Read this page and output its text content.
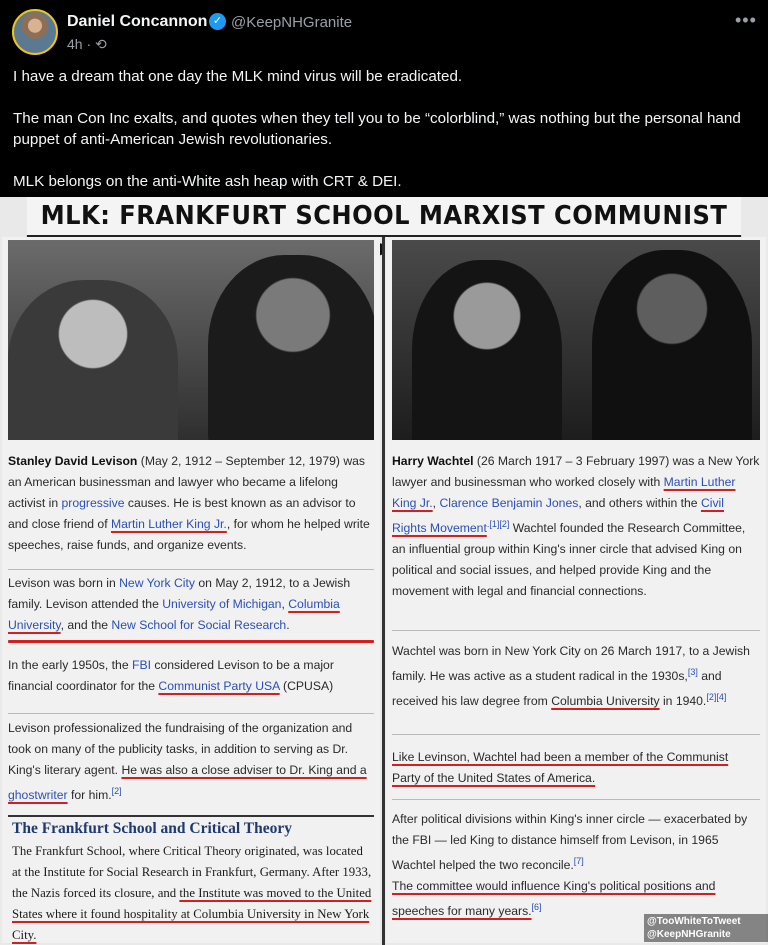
Daniel Concannon ✓ @KeepNHGranite
4h · ⟲
•••

I have a dream that one day the MLK mind virus will be eradicated.

The man Con Inc exalts, and quotes when they tell you to be “colorblind,” was nothing but the personal hand puppet of anti-American Jewish revolutionaries.

MLK belongs on the anti-White ash heap with CRT & DEI.

MLK: FRANKFURT SCHOOL MARXIST COMMUNIST
Stanley David Levison (May 2, 1912 – September 12, 1979) was an American businessman and lawyer who became a lifelong activist in progressive causes. He is best known as an advisor to and close friend of Martin Luther King Jr., for whom he helped write speeches, raise funds, and organize events.
Levison was born in New York City on May 2, 1912, to a Jewish family. Levison attended the University of Michigan, Columbia University, and the New School for Social Research.
In the early 1950s, the FBI considered Levison to be a major financial coordinator for the Communist Party USA (CPUSA)
Levison professionalized the fundraising of the organization and took on many of the publicity tasks, in addition to serving as Dr. King's literary agent. He was also a close adviser to Dr. King and a ghostwriter for him.[2]
The Frankfurt School and Critical Theory
The Frankfurt School, where Critical Theory originated, was located at the Institute for Social Research in Frankfurt, Germany. After 1933, the Nazis forced its closure, and the Institute was moved to the United States where it found hospitality at Columbia University in New York City.
Harry Wachtel (26 March 1917 – 3 February 1997) was a New York lawyer and businessman who worked closely with Martin Luther King Jr., Clarence Benjamin Jones, and others within the Civil Rights Movement$^{.[1][2]}$ Wachtel founded the Research Committee, an influential group within King's inner circle that advised King on political and social issues, and helped provide King and the movement with legal and financial connections.
Wachtel was born in New York City on 26 March 1917, to a Jewish family. He was active as a student radical in the 1930s,[3] and received his law degree from Columbia University in 1940.[2][4]
Like Levinson, Wachtel had been a member of the Communist Party of the United States of America.
After political divisions within King's inner circle — exacerbated by the FBI — led King to distance himself from Levison, in 1965 Wachtel helped the two reconcile.[7]
The committee would influence King's political positions and speeches for many years.[6]
@TooWhiteToTweet
@KeepNHGranite
